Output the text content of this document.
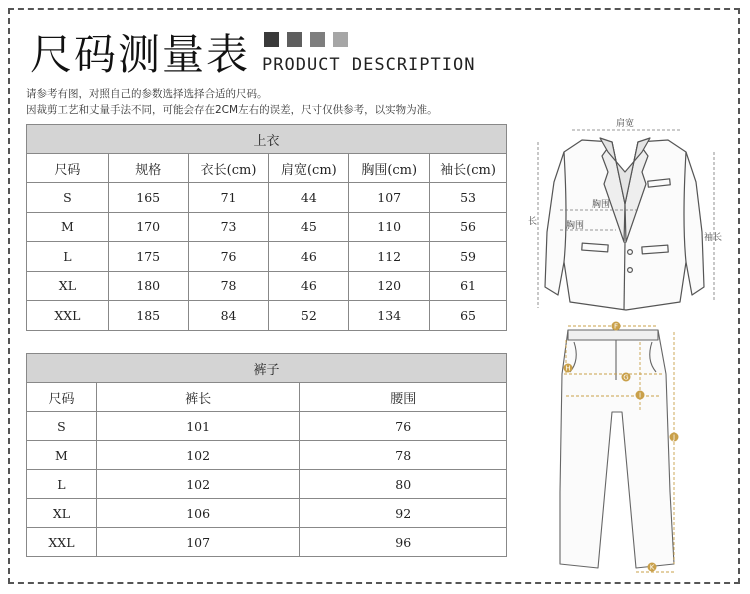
尺码测量表 PRODUCT DESCRIPTION
请参考有图，对照自己的参数选择选择合适的尺码。
因裁剪工艺和丈量手法不同，可能会存在2CM左右的误差，尺寸仅供参考，以实物为准。
上衣					
尺码	规格	衣长(cm)	肩宽(cm)	胸围(cm)	袖长(cm)
S	165	71	44	107	53
M	170	73	45	110	56
L	175	76	46	112	59
XL	180	78	46	120	61
XXL	185	84	52	134	65
裤子		
尺码	裤长	腰围
S	101	76
M	102	78
L	102	80
XL	106	92
XXL	107	96
肩宽
长
胸围
胸围
袖长
F
G
H
I
J
K
